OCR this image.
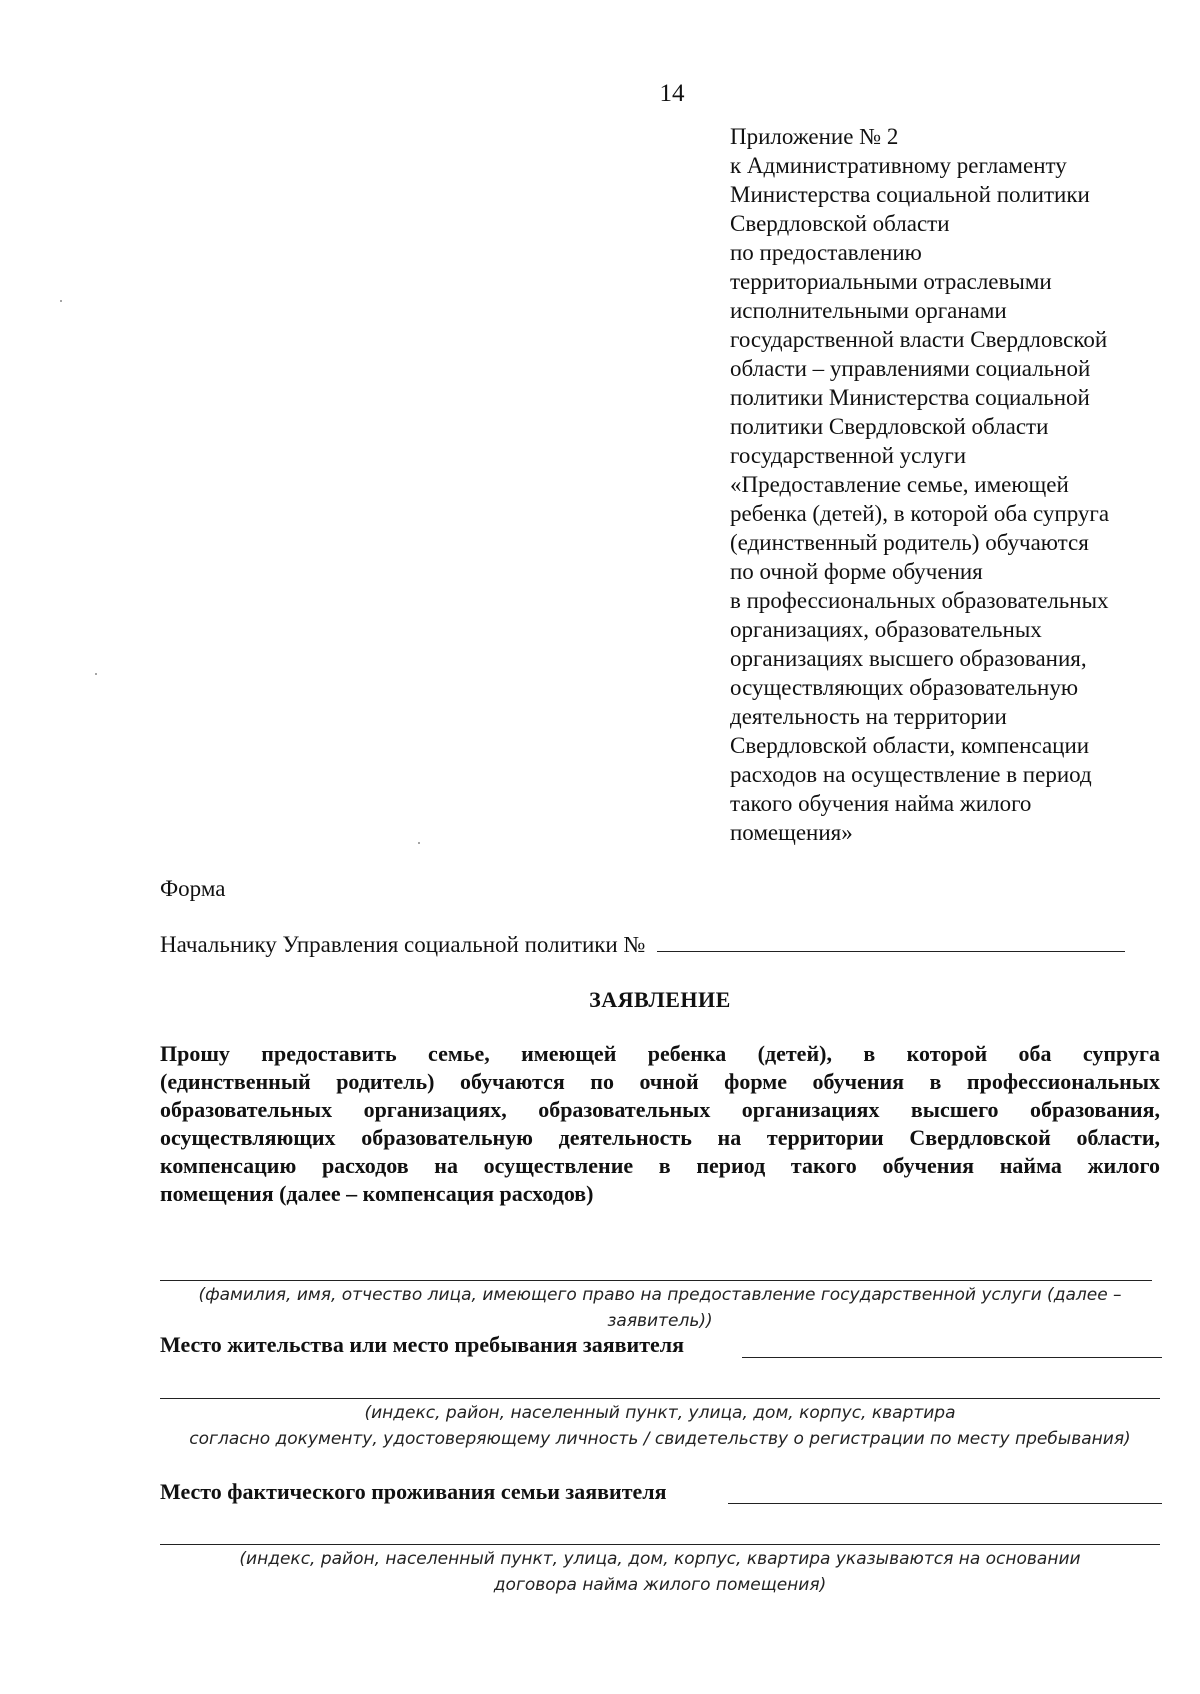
14
Приложение № 2
к Административному регламенту
Министерства социальной политики
Свердловской области
по предоставлению
территориальными отраслевыми
исполнительными органами
государственной власти Свердловской
области – управлениями социальной
политики Министерства социальной
политики Свердловской области
государственной услуги
«Предоставление семье, имеющей
ребенка (детей), в которой оба супруга
(единственный родитель) обучаются
по очной форме обучения
в профессиональных образовательных
организациях, образовательных
организациях высшего образования,
осуществляющих образовательную
деятельность на территории
Свердловской области, компенсации
расходов на осуществление в период
такого обучения найма жилого
помещения»
Форма
Начальнику Управления социальной политики №
ЗАЯВЛЕНИЕ
Прошу предоставить семье, имеющей ребенка (детей), в которой оба супруга
(единственный родитель) обучаются по очной форме обучения в профессиональных
образовательных организациях, образовательных организациях высшего образования,
осуществляющих образовательную деятельность на территории Свердловской области,
компенсацию расходов на осуществление в период такого обучения найма жилого
помещения (далее – компенсация расходов)
(фамилия, имя, отчество лица, имеющего право на предоставление государственной услуги (далее – заявитель))
Место жительства или место пребывания заявителя
(индекс, район, населенный пункт, улица, дом, корпус, квартира
согласно документу, удостоверяющему личность / свидетельству о регистрации по месту пребывания)
Место фактического проживания семьи заявителя
(индекс, район, населенный пункт, улица, дом, корпус, квартира указываются на основании
договора найма жилого помещения)
